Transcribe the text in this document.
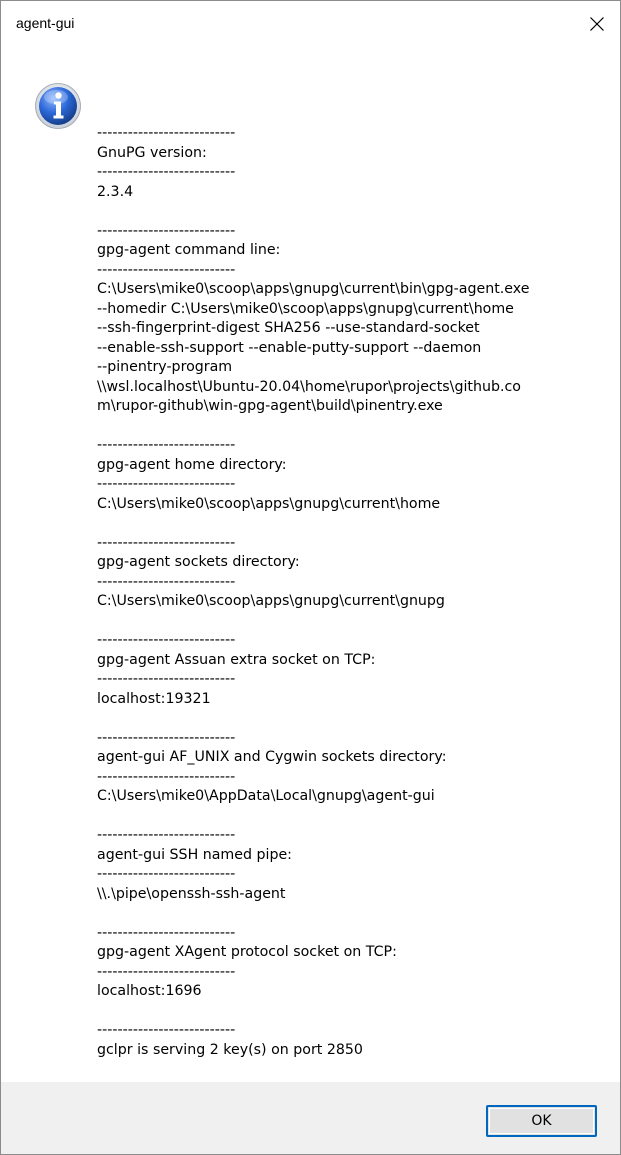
agent-gui
---------------------------
GnuPG version:
---------------------------
2.3.4

---------------------------
gpg-agent command line:
---------------------------
C:\Users\mike0\scoop\apps\gnupg\current\bin\gpg-agent.exe
--homedir C:\Users\mike0\scoop\apps\gnupg\current\home
--ssh-fingerprint-digest SHA256 --use-standard-socket
--enable-ssh-support --enable-putty-support --daemon
--pinentry-program
\\wsl.localhost\Ubuntu-20.04\home\rupor\projects\github.co
m\rupor-github\win-gpg-agent\build\pinentry.exe

---------------------------
gpg-agent home directory:
---------------------------
C:\Users\mike0\scoop\apps\gnupg\current\home

---------------------------
gpg-agent sockets directory:
---------------------------
C:\Users\mike0\scoop\apps\gnupg\current\gnupg

---------------------------
gpg-agent Assuan extra socket on TCP:
---------------------------
localhost:19321

---------------------------
agent-gui AF_UNIX and Cygwin sockets directory:
---------------------------
C:\Users\mike0\AppData\Local\gnupg\agent-gui

---------------------------
agent-gui SSH named pipe:
---------------------------
\\.\pipe\openssh-ssh-agent

---------------------------
gpg-agent XAgent protocol socket on TCP:
---------------------------
localhost:1696

---------------------------
gclpr is serving 2 key(s) on port 2850

OK
